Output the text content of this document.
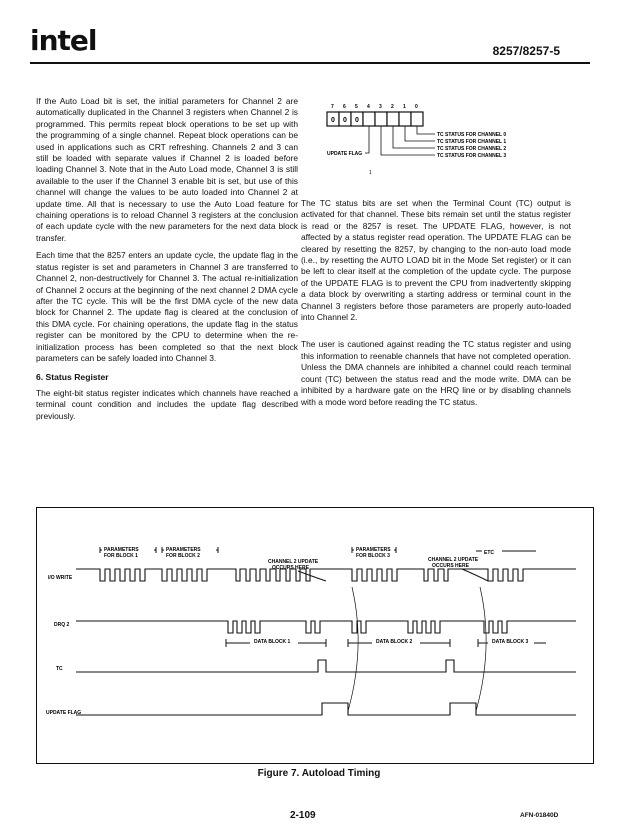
intel	8257/8257-5

If the Auto Load bit is set, the initial parameters for Channel 2 are automatically duplicated in the Channel 3 registers when Channel 2 is programmed. This permits repeat block operations to be set up with the programming of a single channel. Repeat block operations can be used in applications such as CRT refreshing. Channels 2 and 3 can still be loaded with separate values if Channel 2 is loaded before loading Channel 3. Note that in the Auto Load mode, Channel 3 is still available to the user if the Channel 3 enable bit is set, but use of this channel will change the values to be auto loaded into Channel 2 at update time. All that is necessary to use the Auto Load feature for chaining operations is to reload Channel 3 registers at the conclusion of each update cycle with the new parameters for the next data block transfer.

Each time that the 8257 enters an update cycle, the update flag in the status register is set and parameters in Channel 3 are transferred to Channel 2, non-destructively for Channel 3. The actual re-initialization of Channel 2 occurs at the beginning of the next channel 2 DMA cycle after the TC cycle. This will be the first DMA cycle of the new data block for Channel 2. The update flag is cleared at the conclusion of this DMA cycle. For chaining operations, the update flag in the status register can be monitored by the CPU to determine when the re-initialization process has been completed so that the next block parameters can be safely loaded into Channel 3.

6. Status Register

The eight-bit status register indicates which channels have reached a terminal count condition and includes the update flag described previously.

7 6 5 4 3 2 1 0
0 0 0
UPDATE FLAG
TC STATUS FOR CHANNEL 0
TC STATUS FOR CHANNEL 1
TC STATUS FOR CHANNEL 2
TC STATUS FOR CHANNEL 3
1

The TC status bits are set when the Terminal Count (TC) output is activated for that channel. These bits remain set until the status register is read or the 8257 is reset. The UPDATE FLAG, however, is not affected by a status register read operation. The UPDATE FLAG can be cleared by resetting the 8257, by changing to the non-auto load mode (i.e., by resetting the AUTO LOAD bit in the Mode Set register) or it can be left to clear itself at the completion of the update cycle. The purpose of the UPDATE FLAG is to prevent the CPU from inadvertently skipping a data block by overwriting a starting address or terminal count in the Channel 3 registers before those parameters are properly auto-loaded into Channel 2.

The user is cautioned against reading the TC status register and using this information to reenable channels that have not completed operation. Unless the DMA channels are inhibited a channel could reach terminal count (TC) between the status read and the mode write. DMA can be inhibited by a hardware gate on the HRQ line or by disabling channels with a mode word before reading the TC status.

I/O WRITE
DRQ 2
TC
UPDATE FLAG
PARAMETERS
FOR BLOCK 1
PARAMETERS
FOR BLOCK 2
PARAMETERS
FOR BLOCK 3
CHANNEL 2 UPDATE
OCCURS HERE
CHANNEL 2 UPDATE
OCCURS HERE
ETC
DATA BLOCK 1	DATA BLOCK 2	DATA BLOCK 3
Figure 7. Autoload Timing
2-109	AFN-01840D
